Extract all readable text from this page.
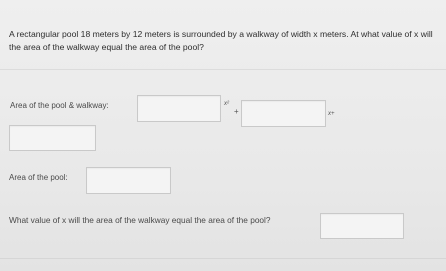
A rectangular pool 18 meters by 12 meters is surrounded by a walkway of width x meters. At what value of x will the area of the walkway equal the area of the pool?
Area of the pool & walkway:	x²
+	x+
Area of the pool:
What value of x will the area of the walkway equal the area of the pool?
